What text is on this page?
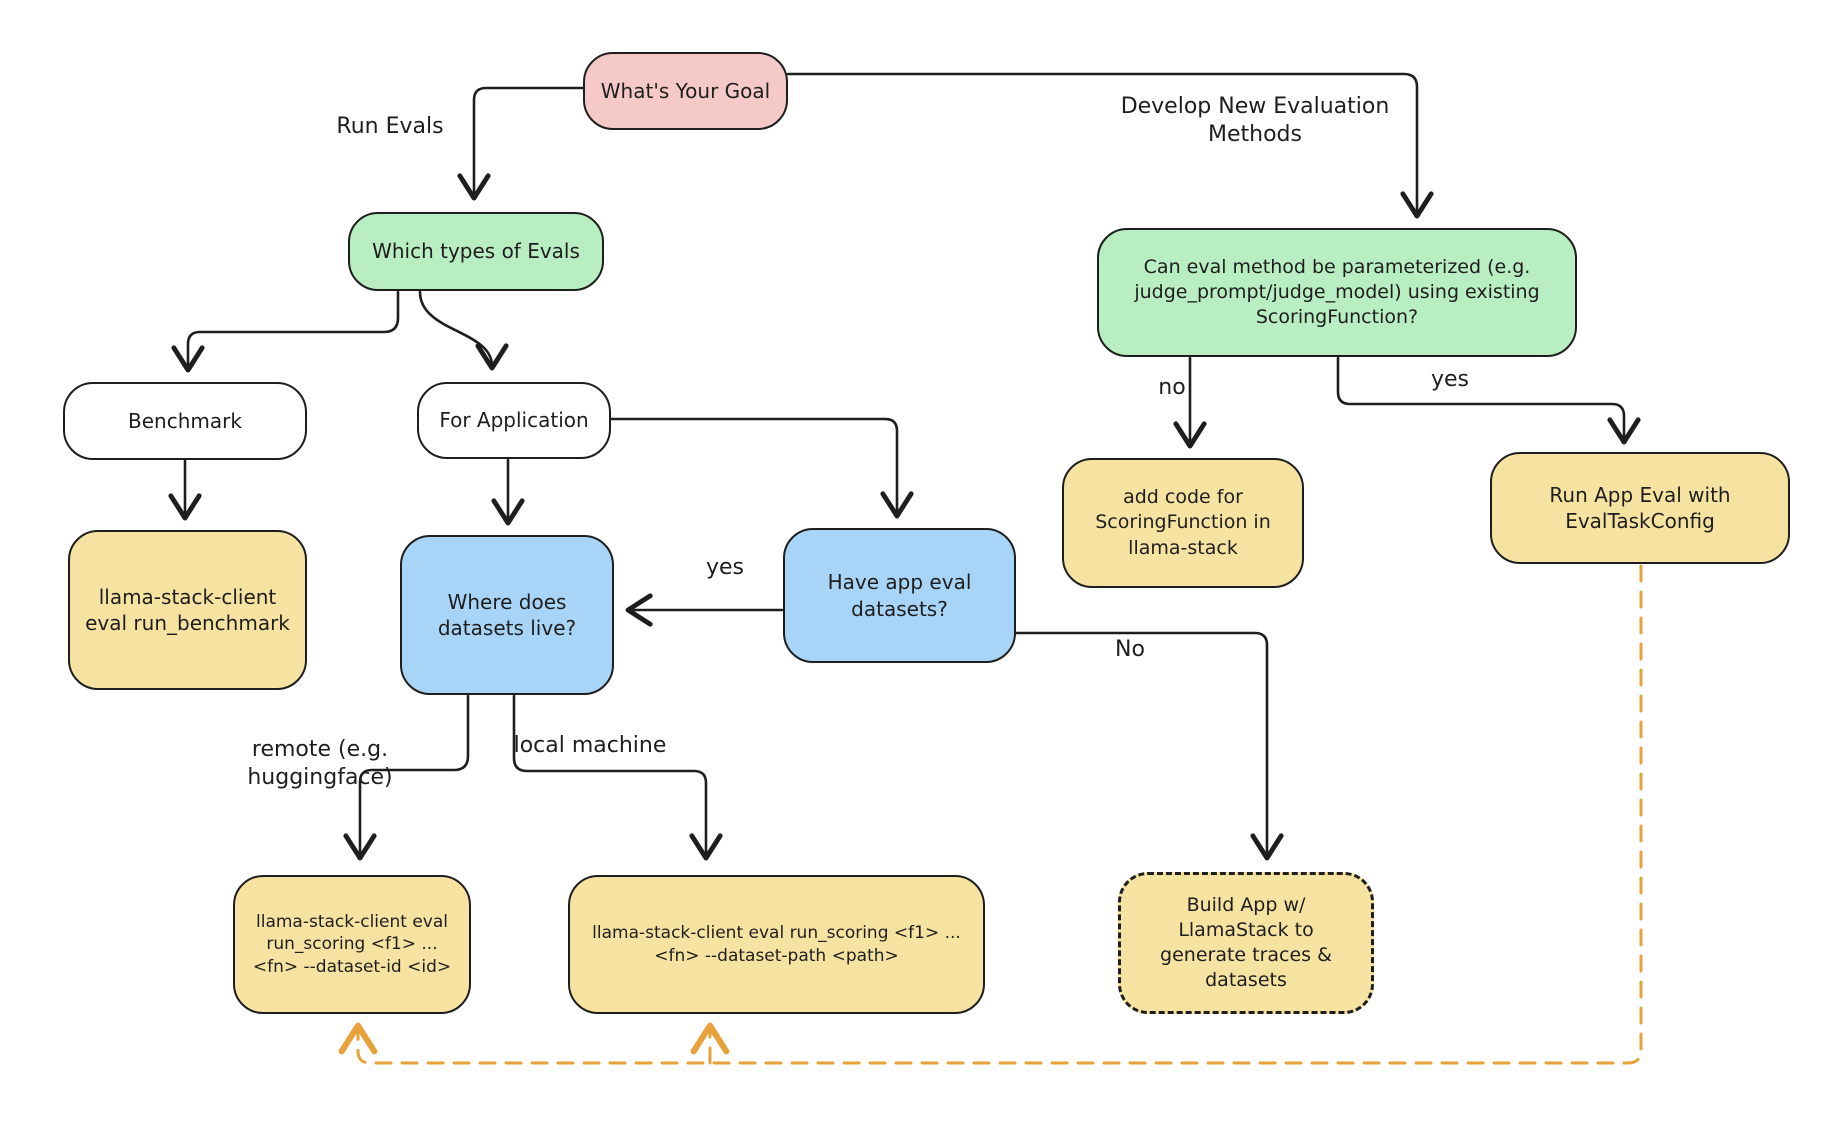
What's Your Goal
Which types of Evals
Can eval method be parameterized (e.g. judge_prompt/judge_model) using existing ScoringFunction?
Benchmark	For Application
llama-stack-client eval run_benchmark
Where does datasets live?
Have app eval datasets?
add code for ScoringFunction in llama-stack
Run App Eval with EvalTaskConfig
llama-stack-client eval run_scoring <f1> ... <fn> --dataset-id <id>
llama-stack-client eval run_scoring <f1> ... <fn> --dataset-path <path>
Build App w/ LlamaStack to generate traces & datasets
Run Evals
Develop New Evaluation Methods
no	yes
yes
No
remote (e.g. huggingface)
local machine
